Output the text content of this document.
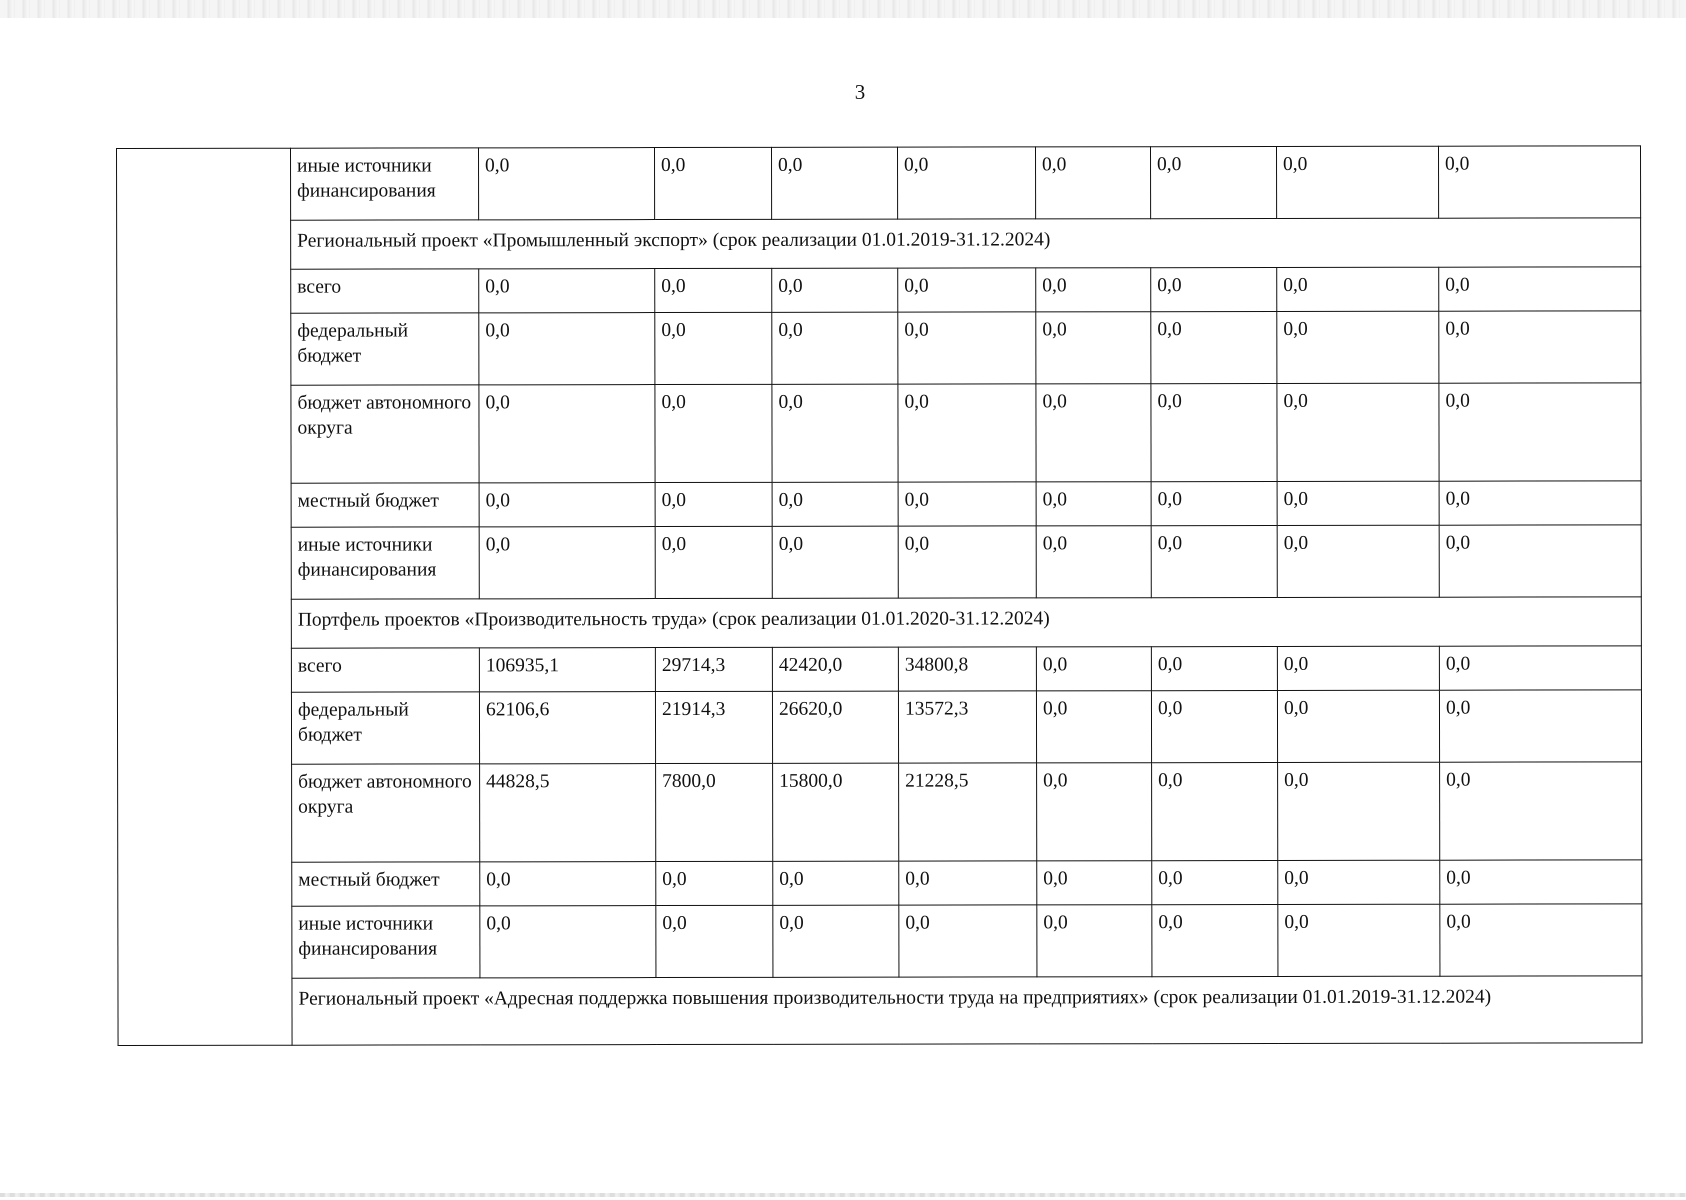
3
	иные источники финансирования	0,0	0,0	0,0	0,0	0,0	0,0	0,0	0,0
	Региональный проект «Промышленный экспорт» (срок реализации 01.01.2019-31.12.2024)								
	всего	0,0	0,0	0,0	0,0	0,0	0,0	0,0	0,0
	федеральный бюджет	0,0	0,0	0,0	0,0	0,0	0,0	0,0	0,0
	бюджет автономного округа	0,0	0,0	0,0	0,0	0,0	0,0	0,0	0,0
	местный бюджет	0,0	0,0	0,0	0,0	0,0	0,0	0,0	0,0
	иные источники финансирования	0,0	0,0	0,0	0,0	0,0	0,0	0,0	0,0
	Портфель проектов «Производительность труда» (срок реализации 01.01.2020-31.12.2024)								
	всего	106935,1	29714,3	42420,0	34800,8	0,0	0,0	0,0	0,0
	федеральный бюджет	62106,6	21914,3	26620,0	13572,3	0,0	0,0	0,0	0,0
	бюджет автономного округа	44828,5	7800,0	15800,0	21228,5	0,0	0,0	0,0	0,0
	местный бюджет	0,0	0,0	0,0	0,0	0,0	0,0	0,0	0,0
	иные источники финансирования	0,0	0,0	0,0	0,0	0,0	0,0	0,0	0,0
	Региональный проект «Адресная поддержка повышения производительности труда на предприятиях» (срок реализации 01.01.2019-31.12.2024)								
